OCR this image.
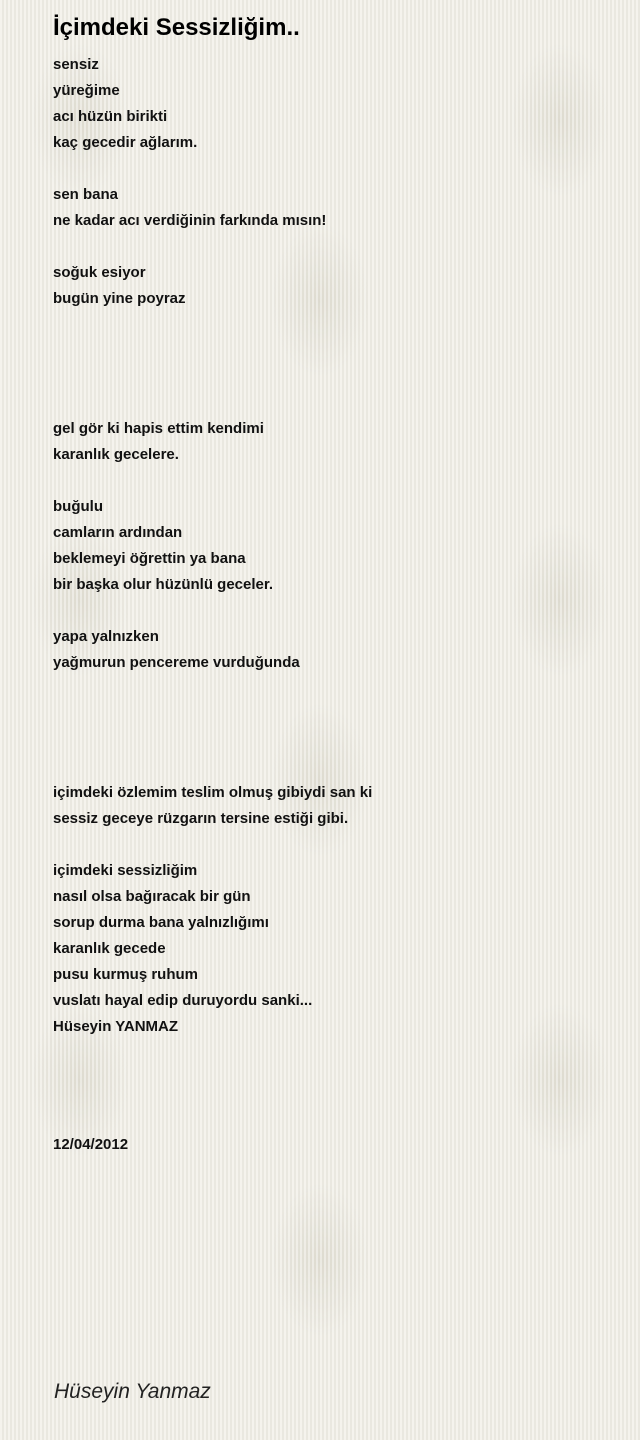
İçimdeki Sessizliğim..
sensiz
yüreğime
acı hüzün birikti
kaç gecedir ağlarım.
sen bana
ne kadar acı verdiğinin farkında mısın!
soğuk esiyor
bugün yine poyraz
gel gör ki hapis ettim kendimi
karanlık gecelere.
buğulu
camların ardından
beklemeyi öğrettin ya bana
bir başka olur hüzünlü geceler.
yapa yalnızken
yağmurun pencereme vurduğunda
içimdeki özlemim teslim olmuş gibiydi san ki
sessiz geceye rüzgarın tersine estiği gibi.
içimdeki sessizliğim
nasıl olsa bağıracak bir gün
sorup durma bana yalnızlığımı
karanlık gecede
pusu kurmuş ruhum
vuslatı hayal edip duruyordu sanki...
Hüseyin YANMAZ
12/04/2012
Hüseyin Yanmaz
